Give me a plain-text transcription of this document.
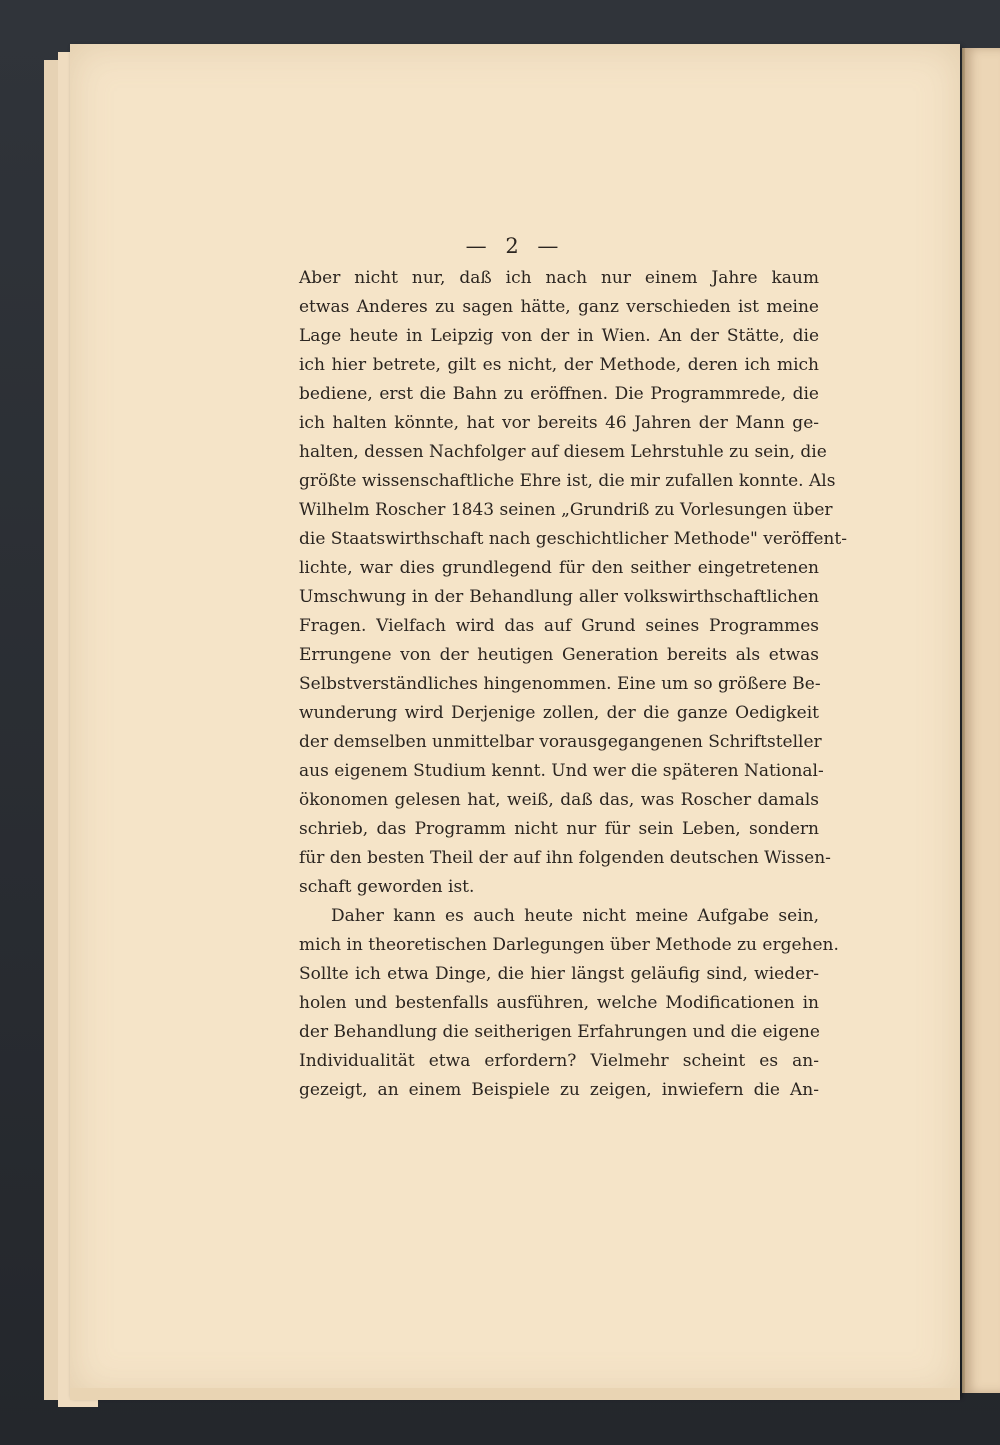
— 2 —
Aber nicht nur, daß ich nach nur einem Jahre kaum
etwas Anderes zu sagen hätte, ganz verschieden ist meine
Lage heute in Leipzig von der in Wien. An der Stätte, die
ich hier betrete, gilt es nicht, der Methode, deren ich mich
bediene, erst die Bahn zu eröffnen. Die Programmrede, die
ich halten könnte, hat vor bereits 46 Jahren der Mann ge-
halten, dessen Nachfolger auf diesem Lehrstuhle zu sein, die
größte wissenschaftliche Ehre ist, die mir zufallen konnte. Als
Wilhelm Roscher 1843 seinen „Grundriß zu Vorlesungen über
die Staatswirthschaft nach geschichtlicher Methode" veröffent-
lichte, war dies grundlegend für den seither eingetretenen
Umschwung in der Behandlung aller volkswirthschaftlichen
Fragen. Vielfach wird das auf Grund seines Programmes
Errungene von der heutigen Generation bereits als etwas
Selbstverständliches hingenommen. Eine um so größere Be-
wunderung wird Derjenige zollen, der die ganze Oedigkeit
der demselben unmittelbar vorausgegangenen Schriftsteller
aus eigenem Studium kennt. Und wer die späteren National-
ökonomen gelesen hat, weiß, daß das, was Roscher damals
schrieb, das Programm nicht nur für sein Leben, sondern
für den besten Theil der auf ihn folgenden deutschen Wissen-
schaft geworden ist.
Daher kann es auch heute nicht meine Aufgabe sein,
mich in theoretischen Darlegungen über Methode zu ergehen.
Sollte ich etwa Dinge, die hier längst geläufig sind, wieder-
holen und bestenfalls ausführen, welche Modificationen in
der Behandlung die seitherigen Erfahrungen und die eigene
Individualität etwa erfordern? Vielmehr scheint es an-
gezeigt, an einem Beispiele zu zeigen, inwiefern die An-
